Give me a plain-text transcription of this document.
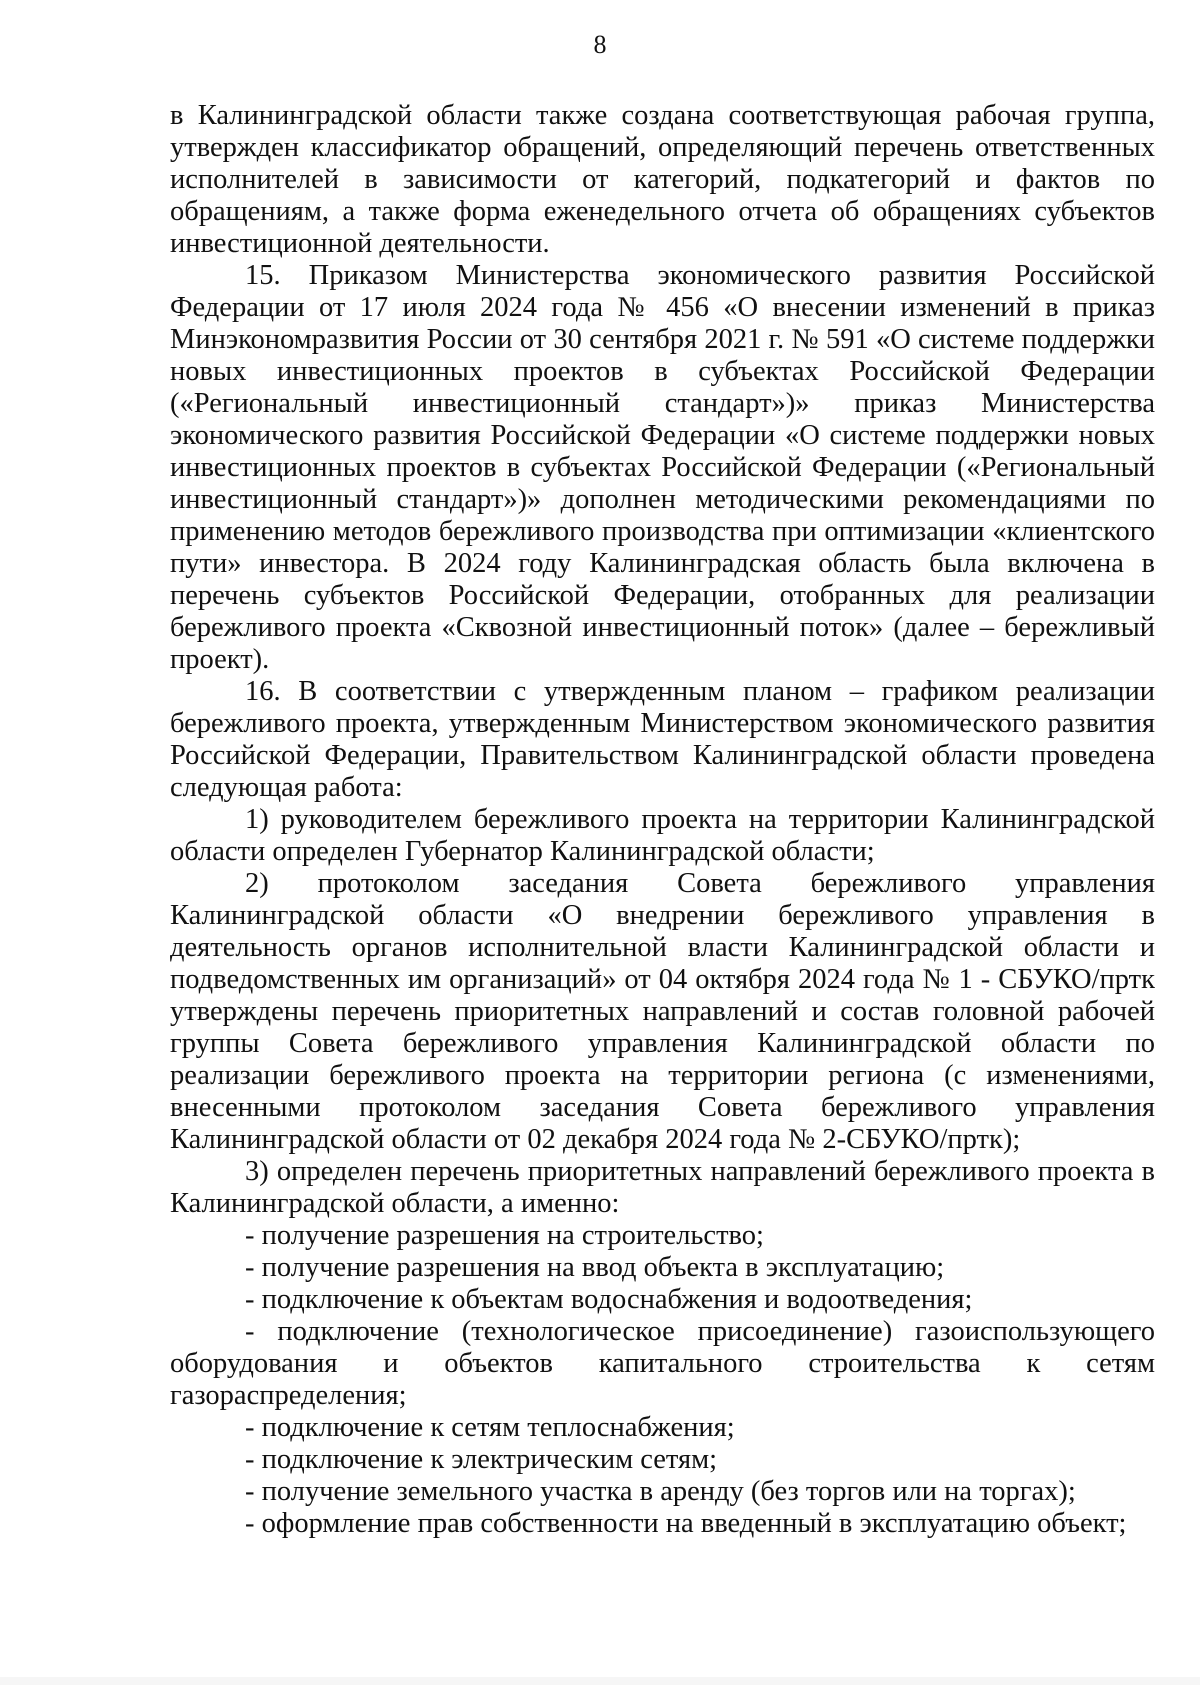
8

в Калининградской области также создана соответствующая рабочая группа, утвержден классификатор обращений, определяющий перечень ответственных исполнителей в зависимости от категорий, подкатегорий и фактов по обращениям, а также форма еженедельного отчета об обращениях субъектов инвестиционной деятельности.

15. Приказом Министерства экономического развития Российской Федерации от 17 июля 2024 года № 456 «О внесении изменений в приказ Минэкономразвития России от 30 сентября 2021 г. № 591 «О системе поддержки новых инвестиционных проектов в субъектах Российской Федерации («Региональный инвестиционный стандарт»)» приказ Министерства экономического развития Российской Федерации «О системе поддержки новых инвестиционных проектов в субъектах Российской Федерации («Региональный инвестиционный стандарт»)» дополнен методическими рекомендациями по применению методов бережливого производства при оптимизации «клиентского пути» инвестора. В 2024 году Калининградская область была включена в перечень субъектов Российской Федерации, отобранных для реализации бережливого проекта «Сквозной инвестиционный поток» (далее – бережливый проект).

16. В соответствии с утвержденным планом – графиком реализации бережливого проекта, утвержденным Министерством экономического развития Российской Федерации, Правительством Калининградской области проведена следующая работа:

1) руководителем бережливого проекта на территории Калининградской области определен Губернатор Калининградской области;

2) протоколом заседания Совета бережливого управления Калининградской области «О внедрении бережливого управления в деятельность органов исполнительной власти Калининградской области и подведомственных им организаций» от 04 октября 2024 года № 1 - СБУКО/пртк утверждены перечень приоритетных направлений и состав головной рабочей группы Совета бережливого управления Калининградской области по реализации бережливого проекта на территории региона (с изменениями, внесенными протоколом заседания Совета бережливого управления Калининградской области от 02 декабря 2024 года № 2-СБУКО/пртк);

3) определен перечень приоритетных направлений бережливого проекта в Калининградской области, а именно:

- получение разрешения на строительство;

- получение разрешения на ввод объекта в эксплуатацию;

- подключение к объектам водоснабжения и водоотведения;

- подключение (технологическое присоединение) газоиспользующего оборудования и объектов капитального строительства к сетям газораспределения;

- подключение к сетям теплоснабжения;

- подключение к электрическим сетям;

- получение земельного участка в аренду (без торгов или на торгах);

- оформление прав собственности на введенный в эксплуатацию объект;
